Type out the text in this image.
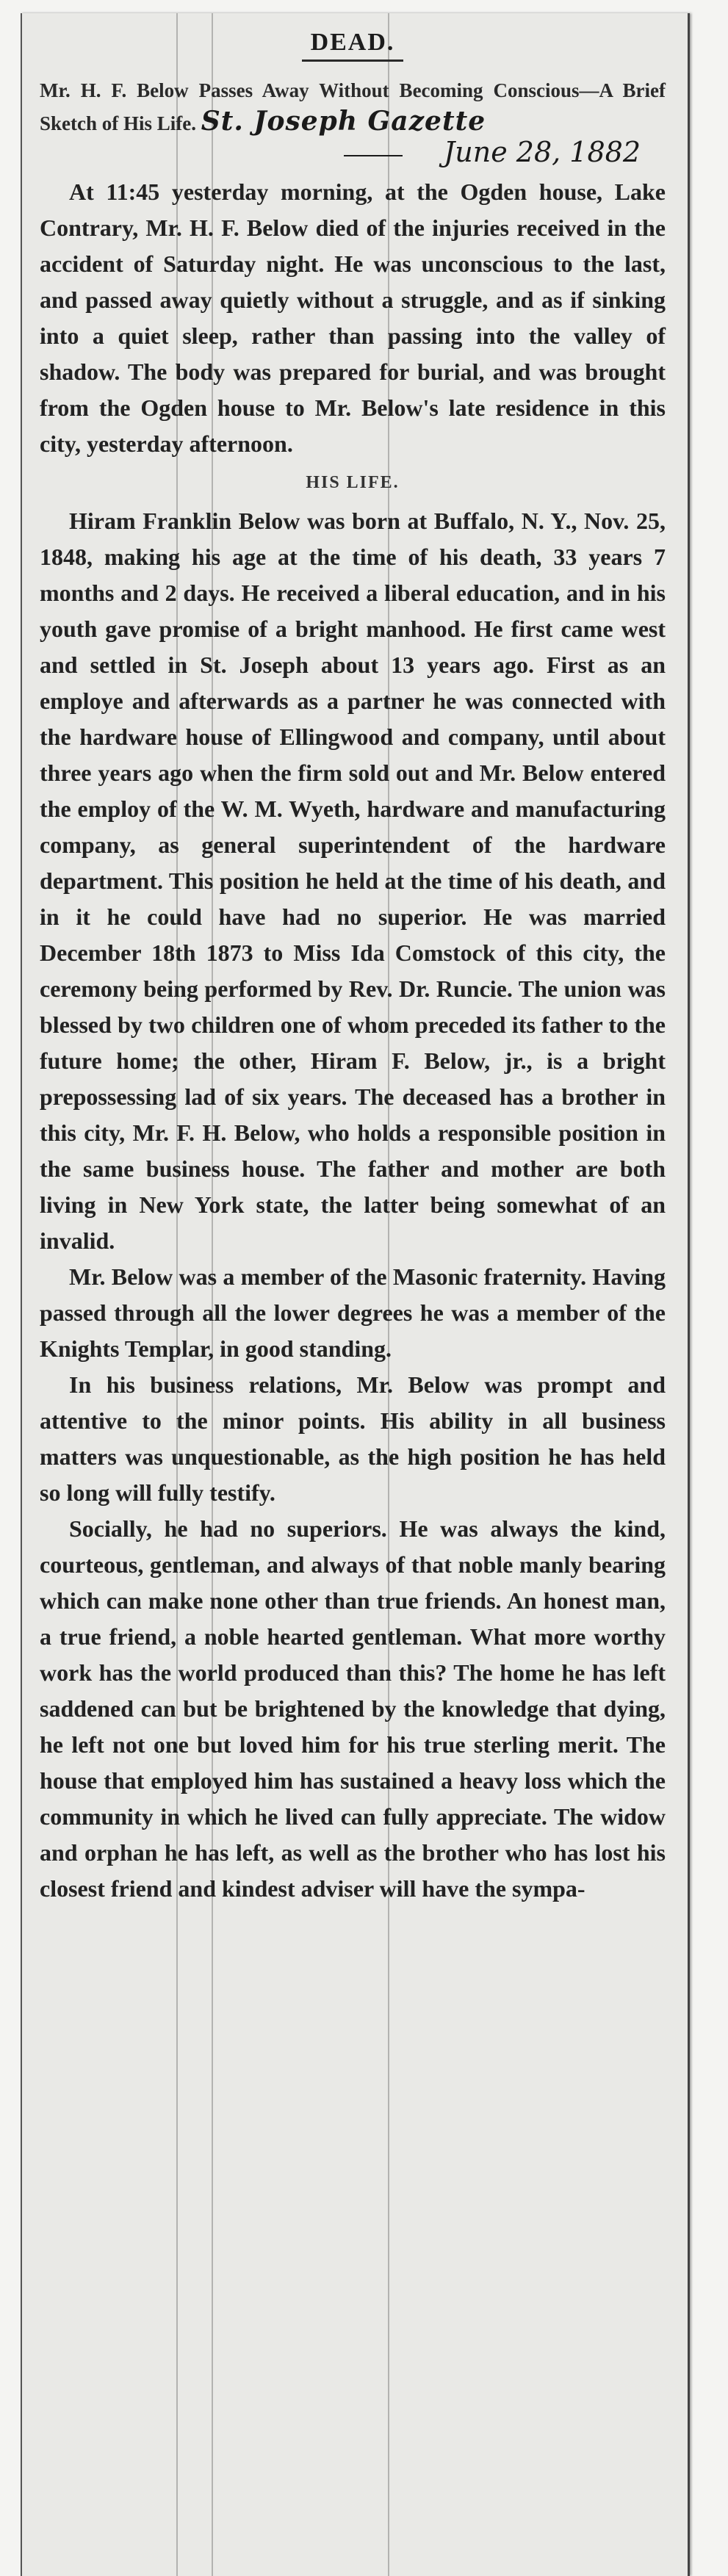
DEAD.

Mr. H. F. Below Passes Away Without Becoming Conscious—A Brief Sketch of His Life. St. Joseph Gazette

June 28, 1882

At 11:45 yesterday morning, at the Ogden house, Lake Contrary, Mr. H. F. Below died of the injuries received in the accident of Saturday night. He was unconscious to the last, and passed away quietly without a struggle, and as if sinking into a quiet sleep, rather than passing into the valley of shadow. The body was prepared for burial, and was brought from the Ogden house to Mr. Below's late residence in this city, yesterday afternoon.

HIS LIFE.

Hiram Franklin Below was born at Buffalo, N. Y., Nov. 25, 1848, making his age at the time of his death, 33 years 7 months and 2 days. He received a liberal education, and in his youth gave promise of a bright manhood. He first came west and settled in St. Joseph about 13 years ago. First as an employe and afterwards as a partner he was connected with the hardware house of Ellingwood and company, until about three years ago when the firm sold out and Mr. Below entered the employ of the W. M. Wyeth, hardware and manufacturing company, as general superintendent of the hardware department. This position he held at the time of his death, and in it he could have had no superior. He was married December 18th 1873 to Miss Ida Comstock of this city, the ceremony being performed by Rev. Dr. Runcie. The union was blessed by two children one of whom preceded its father to the future home; the other, Hiram F. Below, jr., is a bright prepossessing lad of six years. The deceased has a brother in this city, Mr. F. H. Below, who holds a responsible position in the same business house. The father and mother are both living in New York state, the latter being somewhat of an invalid.

Mr. Below was a member of the Masonic fraternity. Having passed through all the lower degrees he was a member of the Knights Templar, in good standing.

In his business relations, Mr. Below was prompt and attentive to the minor points. His ability in all business matters was unquestionable, as the high position he has held so long will fully testify.

Socially, he had no superiors. He was always the kind, courteous, gentleman, and always of that noble manly bearing which can make none other than true friends. An honest man, a true friend, a noble hearted gentleman. What more worthy work has the world produced than this? The home he has left saddened can but be brightened by the knowledge that dying, he left not one but loved him for his true sterling merit. The house that employed him has sustained a heavy loss which the community in which he lived can fully appreciate. The widow and orphan he has left, as well as the brother who has lost his closest friend and kindest adviser will have the sympa-
